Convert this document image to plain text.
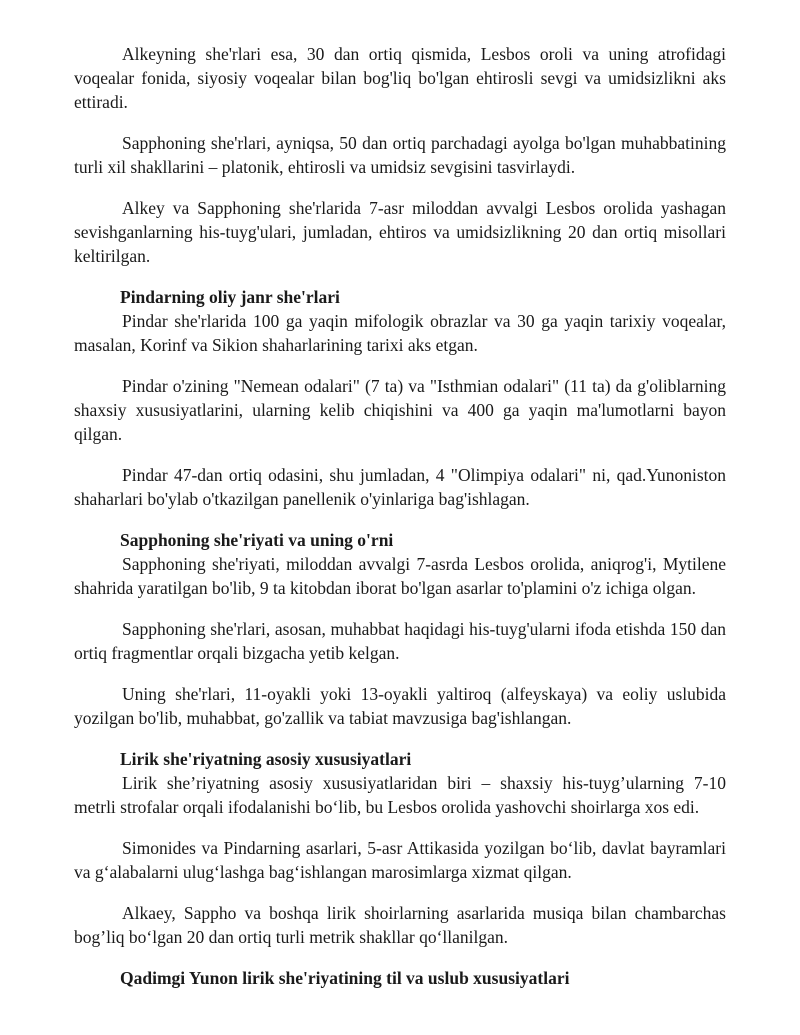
Alkeyning she'rlari esa, 30 dan ortiq qismida, Lesbos oroli va uning atrofidagi voqealar fonida, siyosiy voqealar bilan bog'liq bo'lgan ehtirosli sevgi va umidsizlikni aks ettiradi.

Sapphoning she'rlari, ayniqsa, 50 dan ortiq parchadagi ayolga bo'lgan muhabbatining turli xil shakllarini – platonik, ehtirosli va umidsiz sevgisini tasvirlaydi.

Alkey va Sapphoning she'rlarida 7-asr miloddan avvalgi Lesbos orolida yashagan sevishganlarning his-tuyg'ulari, jumladan, ehtiros va umidsizlikning 20 dan ortiq misollari keltirilgan.

Pindarning oliy janr she'rlari

Pindar she'rlarida 100 ga yaqin mifologik obrazlar va 30 ga yaqin tarixiy voqealar, masalan, Korinf va Sikion shaharlarining tarixi aks etgan.

Pindar o'zining "Nemean odalari" (7 ta) va "Isthmian odalari" (11 ta) da g'oliblarning shaxsiy xususiyatlarini, ularning kelib chiqishini va 400 ga yaqin ma'lumotlarni bayon qilgan.

Pindar 47-dan ortiq odasini, shu jumladan, 4 "Olimpiya odalari" ni, qad.Yunoniston shaharlari bo'ylab o'tkazilgan panellenik o'yinlariga bag'ishlagan.

Sapphoning she'riyati va uning o'rni

Sapphoning she'riyati, miloddan avvalgi 7-asrda Lesbos orolida, aniqrog'i, Mytilene shahrida yaratilgan bo'lib, 9 ta kitobdan iborat bo'lgan asarlar to'plamini o'z ichiga olgan.

Sapphoning she'rlari, asosan, muhabbat haqidagi his-tuyg'ularni ifoda etishda 150 dan ortiq fragmentlar orqali bizgacha yetib kelgan.

Uning she'rlari, 11-oyakli yoki 13-oyakli yaltiroq (alfeyskaya) va eoliy uslubida yozilgan bo'lib, muhabbat, go'zallik va tabiat mavzusiga bag'ishlangan.

Lirik she'riyatning asosiy xususiyatlari

Lirik she’riyatning asosiy xususiyatlaridan biri – shaxsiy his-tuyg’ularning 7-10 metrli strofalar orqali ifodalanishi bo‘lib, bu Lesbos orolida yashovchi shoirlarga xos edi.

Simonides va Pindarning asarlari, 5-asr Attikasida yozilgan bo‘lib, davlat bayramlari va g‘alabalarni ulug‘lashga bag‘ishlangan marosimlarga xizmat qilgan.

Alkaey, Sappho va boshqa lirik shoirlarning asarlarida musiqa bilan chambarchas bog’liq bo‘lgan 20 dan ortiq turli metrik shakllar qo‘llanilgan.

Qadimgi Yunon lirik she'riyatining til va uslub xususiyatlari
